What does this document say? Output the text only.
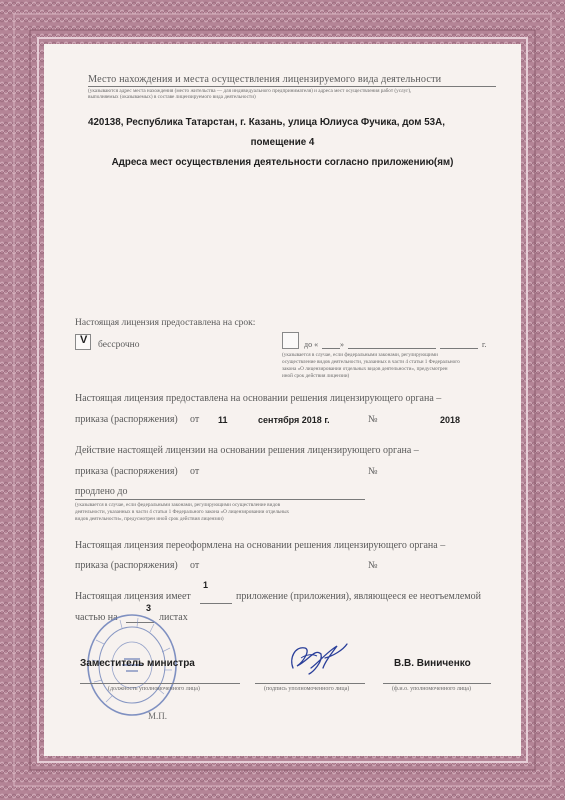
Место нахождения и места осуществления лицензируемого вида деятельности
(указываются адрес места нахождения (место жительства — для индивидуального предпринимателя) и адреса мест осуществления работ (услуг),
выполняемых (оказываемых) в составе лицензируемого вида деятельности)
420138, Республика Татарстан, г. Казань, улица Юлиуса Фучика, дом 53А,
помещение 4
Адреса мест осуществления деятельности согласно приложению(ям)
Настоящая лицензия предоставлена на срок:
V бессрочно	до «	»	г.
(указывается в случае, если федеральными законами, регулирующими
осуществление видов деятельности, указанных в части 4 статьи 1 Федерального
закона «О лицензировании отдельных видов деятельности», предусмотрен
иной срок действия лицензии)
Настоящая лицензия предоставлена на основании решения лицензирующего органа –
приказа (распоряжения) от 11	сентября 2018 г.	№	2018
Действие настоящей лицензии на основании решения лицензирующего органа –
приказа (распоряжения) от	№
продлено до
(указывается в случае, если федеральными законами, регулирующими осуществление видов
деятельности, указанных в части 4 статьи 1 Федерального закона «О лицензировании отдельных
видов деятельности», предусмотрен иной срок действия лицензии)
Настоящая лицензия переоформлена на основании решения лицензирующего органа –
приказа (распоряжения) от	№
1
Настоящая лицензия имеет	приложение (приложения), являющееся ее неотъемлемой
частью на
3
листах
Заместитель министра
(должность уполномоченного лица)	(подпись уполномоченного лица)
В.В. Виниченко
(ф.и.о. уполномоченного лица)
М.П.
